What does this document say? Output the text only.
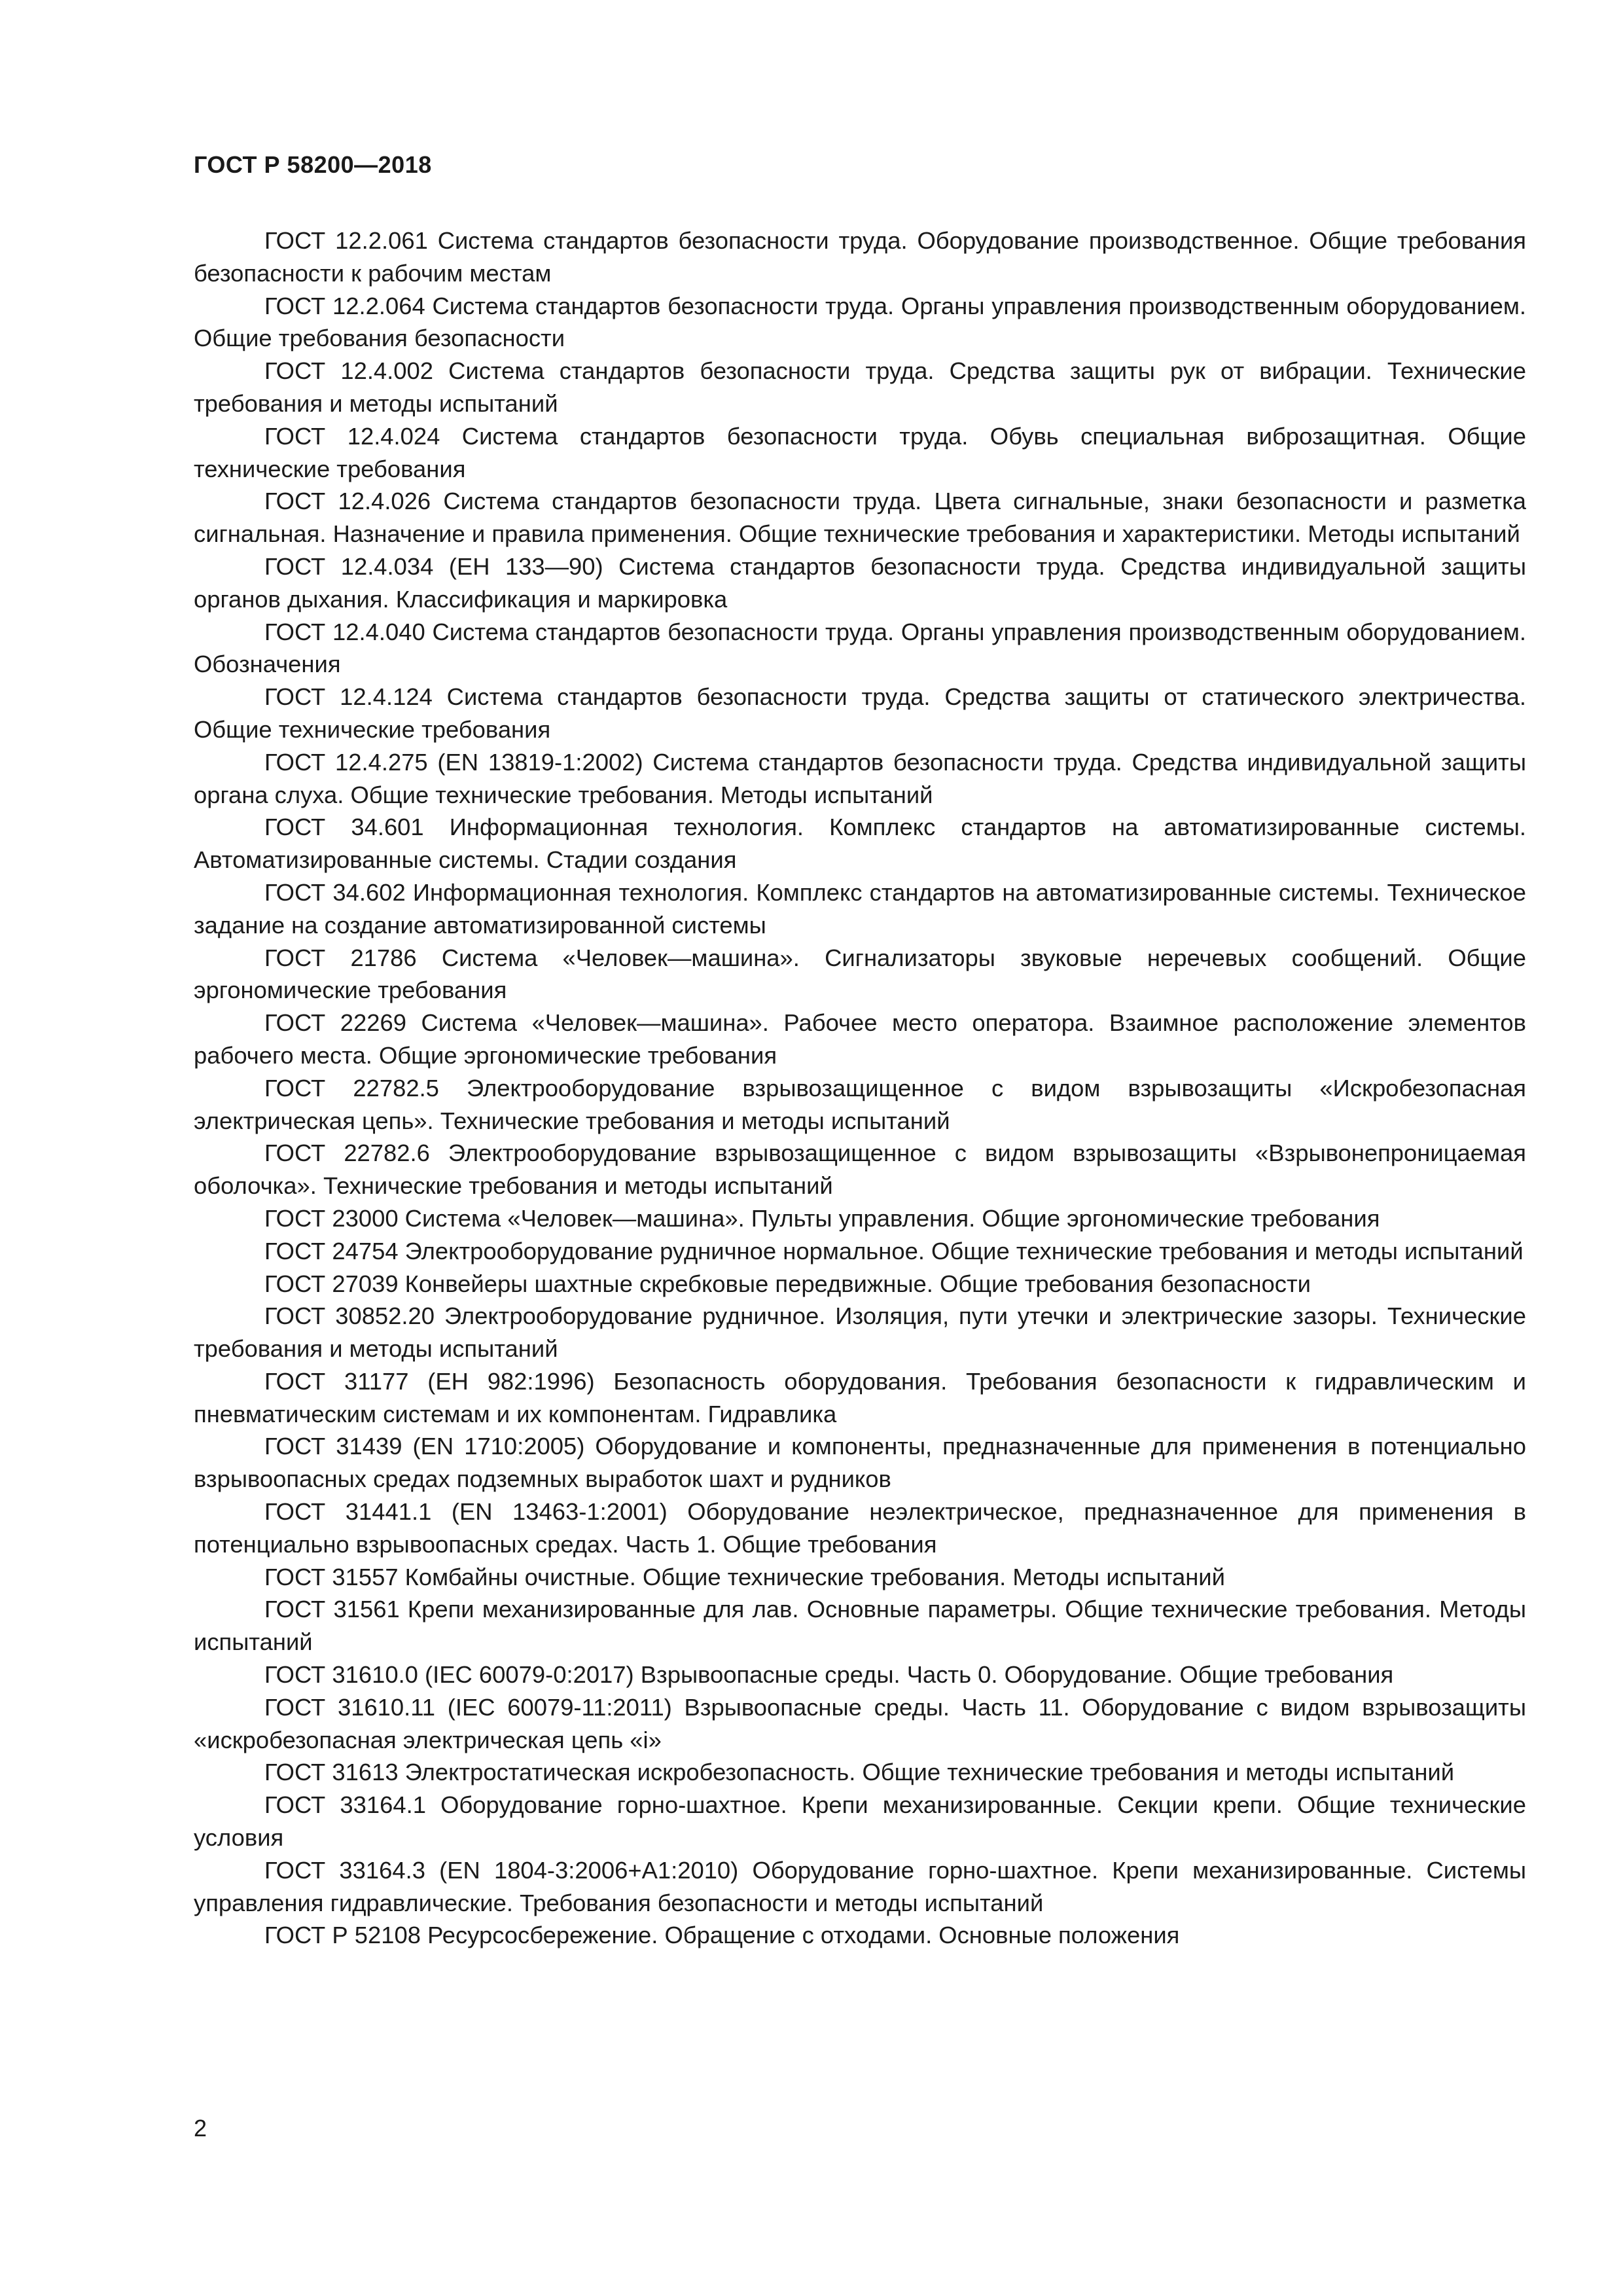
ГОСТ Р 58200—2018

ГОСТ 12.2.061 Система стандартов безопасности труда. Оборудование производственное. Общие требования безопасности к рабочим местам

ГОСТ 12.2.064 Система стандартов безопасности труда. Органы управления производственным оборудованием. Общие требования безопасности

ГОСТ 12.4.002 Система стандартов безопасности труда. Средства защиты рук от вибрации. Технические требования и методы испытаний

ГОСТ 12.4.024 Система стандартов безопасности труда. Обувь специальная виброзащитная. Общие технические требования

ГОСТ 12.4.026 Система стандартов безопасности труда. Цвета сигнальные, знаки безопасности и разметка сигнальная. Назначение и правила применения. Общие технические требования и характеристики. Методы испытаний

ГОСТ 12.4.034 (ЕН 133—90) Система стандартов безопасности труда. Средства индивидуальной защиты органов дыхания. Классификация и маркировка

ГОСТ 12.4.040 Система стандартов безопасности труда. Органы управления производственным оборудованием. Обозначения

ГОСТ 12.4.124 Система стандартов безопасности труда. Средства защиты от статического электричества. Общие технические требования

ГОСТ 12.4.275 (EN 13819-1:2002) Система стандартов безопасности труда. Средства индивидуальной защиты органа слуха. Общие технические требования. Методы испытаний

ГОСТ 34.601 Информационная технология. Комплекс стандартов на автоматизированные системы. Автоматизированные системы. Стадии создания

ГОСТ 34.602 Информационная технология. Комплекс стандартов на автоматизированные системы. Техническое задание на создание автоматизированной системы

ГОСТ 21786 Система «Человек—машина». Сигнализаторы звуковые неречевых сообщений. Общие эргономические требования

ГОСТ 22269 Система «Человек—машина». Рабочее место оператора. Взаимное расположение элементов рабочего места. Общие эргономические требования

ГОСТ 22782.5 Электрооборудование взрывозащищенное с видом взрывозащиты «Искробезопасная электрическая цепь». Технические требования и методы испытаний

ГОСТ 22782.6 Электрооборудование взрывозащищенное с видом взрывозащиты «Взрывонепроницаемая оболочка». Технические требования и методы испытаний

ГОСТ 23000 Система «Человек—машина». Пульты управления. Общие эргономические требования

ГОСТ 24754 Электрооборудование рудничное нормальное. Общие технические требования и методы испытаний

ГОСТ 27039 Конвейеры шахтные скребковые передвижные. Общие требования безопасности

ГОСТ 30852.20 Электрооборудование рудничное. Изоляция, пути утечки и электрические зазоры. Технические требования и методы испытаний

ГОСТ 31177 (ЕН 982:1996) Безопасность оборудования. Требования безопасности к гидравлическим и пневматическим системам и их компонентам. Гидравлика

ГОСТ 31439 (EN 1710:2005) Оборудование и компоненты, предназначенные для применения в потенциально взрывоопасных средах подземных выработок шахт и рудников

ГОСТ 31441.1 (EN 13463-1:2001) Оборудование неэлектрическое, предназначенное для применения в потенциально взрывоопасных средах. Часть 1. Общие требования

ГОСТ 31557 Комбайны очистные. Общие технические требования. Методы испытаний

ГОСТ 31561 Крепи механизированные для лав. Основные параметры. Общие технические требования. Методы испытаний

ГОСТ 31610.0 (IEC 60079-0:2017) Взрывоопасные среды. Часть 0. Оборудование. Общие требования

ГОСТ 31610.11 (IEC 60079-11:2011) Взрывоопасные среды. Часть 11. Оборудование с видом взрывозащиты «искробезопасная электрическая цепь «i»

ГОСТ 31613 Электростатическая искробезопасность. Общие технические требования и методы испытаний

ГОСТ 33164.1 Оборудование горно-шахтное. Крепи механизированные. Секции крепи. Общие технические условия

ГОСТ 33164.3 (EN 1804-3:2006+А1:2010) Оборудование горно-шахтное. Крепи механизированные. Системы управления гидравлические. Требования безопасности и методы испытаний

ГОСТ Р 52108 Ресурсосбережение. Обращение с отходами. Основные положения

2
